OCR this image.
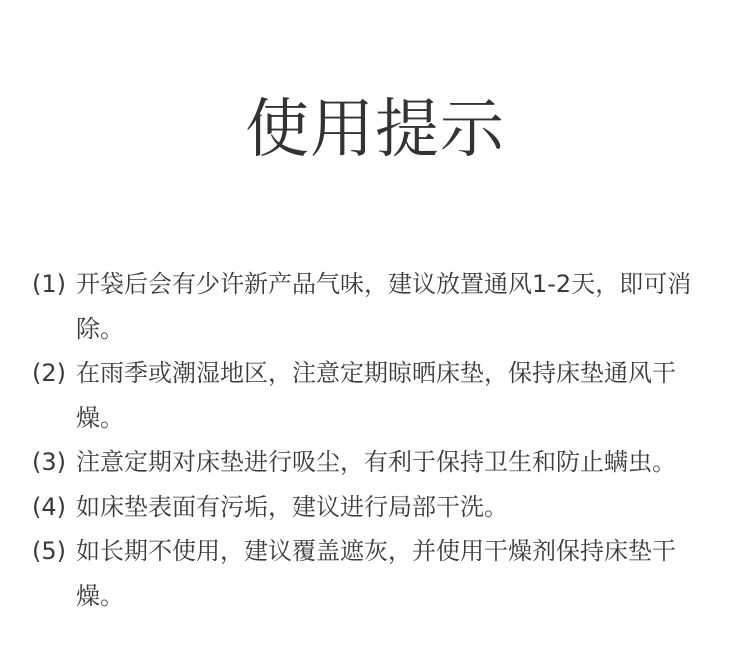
使用提示
(1) 开袋后会有少许新产品气味，建议放置通风1-2天，即可消除。
(2) 在雨季或潮湿地区，注意定期晾晒床垫，保持床垫通风干燥。
(3) 注意定期对床垫进行吸尘，有利于保持卫生和防止螨虫。
(4) 如床垫表面有污垢，建议进行局部干洗。
(5) 如长期不使用，建议覆盖遮灰，并使用干燥剂保持床垫干燥。
